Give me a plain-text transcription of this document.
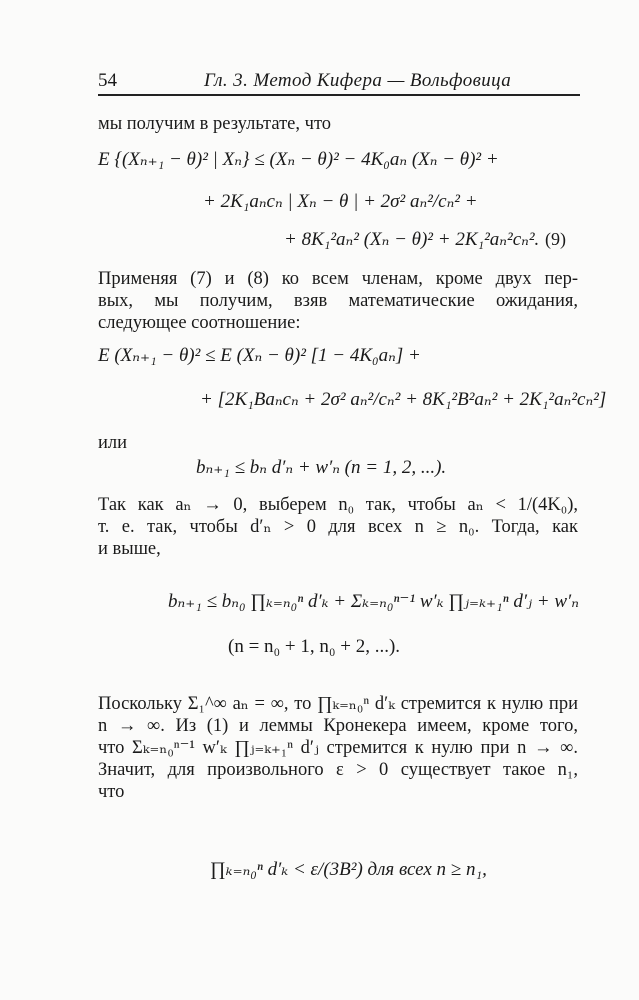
54	Гл. 3. Метод Кифера — Вольфовица
мы получим в результате, что
E {(Xₙ₊₁ − θ)² | Xₙ} ≤ (Xₙ − θ)² − 4K₀aₙ (Xₙ − θ)² +
+ 2K₁aₙcₙ | Xₙ − θ | + 2σ² aₙ²/cₙ² +
+ 8K₁²aₙ² (Xₙ − θ)² + 2K₁²aₙ²cₙ². (9)
Применяя (7) и (8) ко всем членам, кроме двух пер-
вых, мы получим, взяв математические ожидания,
следующее соотношение:
E (Xₙ₊₁ − θ)² ≤ E (Xₙ − θ)² [1 − 4K₀aₙ] +
+ [2K₁Baₙcₙ + 2σ² aₙ²/cₙ² + 8K₁²B²aₙ² + 2K₁²aₙ²cₙ²]
или
bₙ₊₁ ≤ bₙ d′ₙ + w′ₙ (n = 1, 2, ...).
Так как aₙ → 0, выберем n₀ так, чтобы aₙ < 1/(4K₀),
т. е. так, чтобы d′ₙ > 0 для всех n ≥ n₀. Тогда, как
и выше,
bₙ₊₁ ≤ bₙ₀ ∏ₖ₌ₙ₀ⁿ d′ₖ + Σₖ₌ₙ₀ⁿ⁻¹ w′ₖ ∏ⱼ₌ₖ₊₁ⁿ d′ⱼ + w′ₙ
(n = n₀ + 1, n₀ + 2, ...).
Поскольку Σ₁^∞ aₙ = ∞, то ∏ₖ₌ₙ₀ⁿ d′ₖ стремится к нулю при
n → ∞. Из (1) и леммы Кронекера имеем, кроме того,
что Σₖ₌ₙ₀ⁿ⁻¹ w′ₖ ∏ⱼ₌ₖ₊₁ⁿ d′ⱼ стремится к нулю при n → ∞.
Значит, для произвольного ε > 0 существует такое n₁,
что
∏ₖ₌ₙ₀ⁿ d′ₖ < ε/(3B²) для всех n ≥ n₁,
